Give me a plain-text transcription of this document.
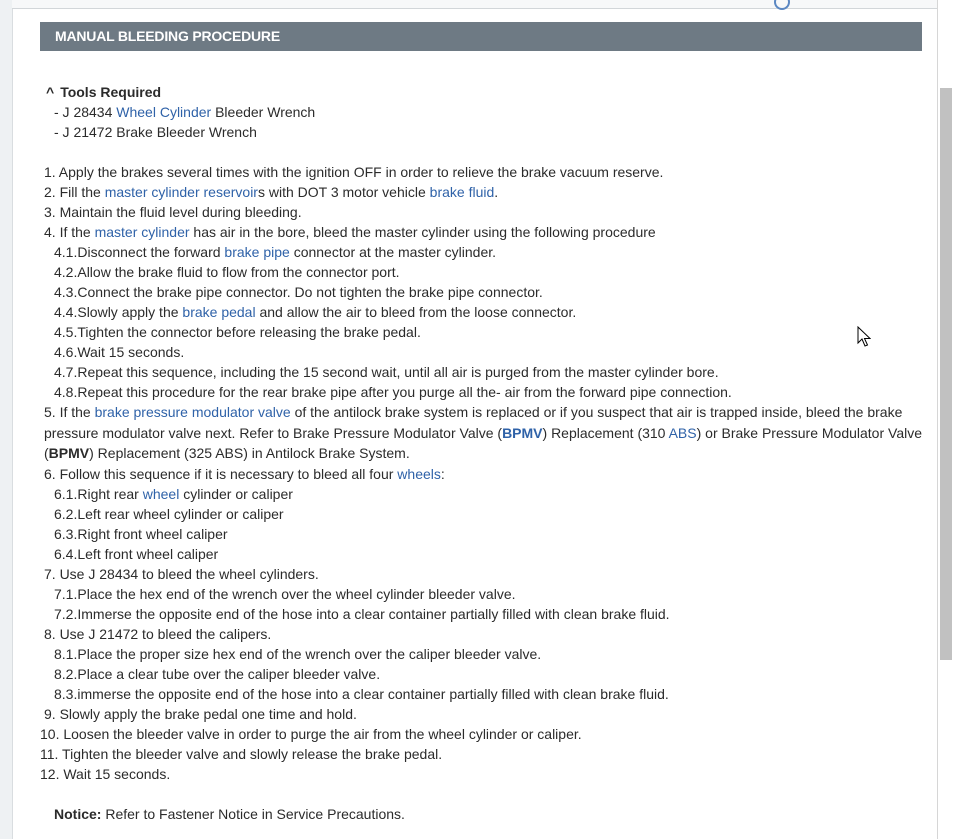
MANUAL BLEEDING PROCEDURE
^ Tools Required
- J 28434 Wheel Cylinder Bleeder Wrench
- J 21472 Brake Bleeder Wrench
1. Apply the brakes several times with the ignition OFF in order to relieve the brake vacuum reserve.
2. Fill the master cylinder reservoirs with DOT 3 motor vehicle brake fluid.
3. Maintain the fluid level during bleeding.
4. If the master cylinder has air in the bore, bleed the master cylinder using the following procedure
4.1.Disconnect the forward brake pipe connector at the master cylinder.
4.2.Allow the brake fluid to flow from the connector port.
4.3.Connect the brake pipe connector. Do not tighten the brake pipe connector.
4.4.Slowly apply the brake pedal and allow the air to bleed from the loose connector.
4.5.Tighten the connector before releasing the brake pedal.
4.6.Wait 15 seconds.
4.7.Repeat this sequence, including the 15 second wait, until all air is purged from the master cylinder bore.
4.8.Repeat this procedure for the rear brake pipe after you purge all the- air from the forward pipe connection.
5. If the brake pressure modulator valve of the antilock brake system is replaced or if you suspect that air is trapped inside, bleed the brake pressure modulator valve next. Refer to Brake Pressure Modulator Valve (BPMV) Replacement (310 ABS) or Brake Pressure Modulator Valve (BPMV) Replacement (325 ABS) in Antilock Brake System.
6. Follow this sequence if it is necessary to bleed all four wheels:
6.1.Right rear wheel cylinder or caliper
6.2.Left rear wheel cylinder or caliper
6.3.Right front wheel caliper
6.4.Left front wheel caliper
7. Use J 28434 to bleed the wheel cylinders.
7.1.Place the hex end of the wrench over the wheel cylinder bleeder valve.
7.2.Immerse the opposite end of the hose into a clear container partially filled with clean brake fluid.
8. Use J 21472 to bleed the calipers.
8.1.Place the proper size hex end of the wrench over the caliper bleeder valve.
8.2.Place a clear tube over the caliper bleeder valve.
8.3.immerse the opposite end of the hose into a clear container partially filled with clean brake fluid.
9. Slowly apply the brake pedal one time and hold.
10. Loosen the bleeder valve in order to purge the air from the wheel cylinder or caliper.
11. Tighten the bleeder valve and slowly release the brake pedal.
12. Wait 15 seconds.
Notice: Refer to Fastener Notice in Service Precautions.
